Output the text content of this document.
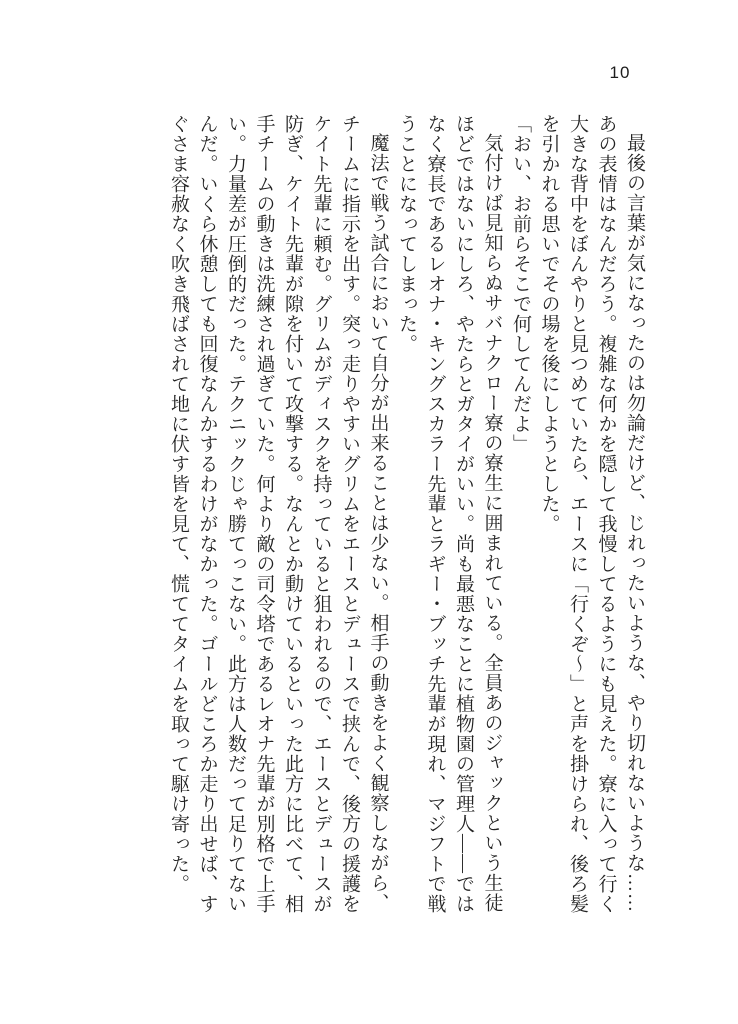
10

最後の言葉が気になったのは勿論だけど、じれったいような、やり切れないような……あの表情はなんだろう。複雑な何かを隠して我慢してるようにも見えた。寮に入って行く大きな背中をぼんやりと見つめていたら、エースに「行くぞ～」と声を掛けられ、後ろ髪を引かれる思いでその場を後にしようとした。

「おい、お前らそこで何してんだよ」

気付けば見知らぬサバナクロー寮の寮生に囲まれている。全員あのジャックという生徒ほどではないにしろ、やたらとガタイがいい。尚も最悪なことに植物園の管理人――ではなく寮長であるレオナ・キングスカラー先輩とラギー・ブッチ先輩が現れ、マジフトで戦うことになってしまった。

魔法で戦う試合において自分が出来ることは少ない。相手の動きをよく観察しながら、チームに指示を出す。突っ走りやすいグリムをエースとデュースで挟んで、後方の援護をケイト先輩に頼む。グリムがディスクを持っていると狙われるので、エースとデュースが防ぎ、ケイト先輩が隙を付いて攻撃する。なんとか動けているといった此方に比べて、相手チームの動きは洗練され過ぎていた。何より敵の司令塔であるレオナ先輩が別格で上手い。力量差が圧倒的だった。テクニックじゃ勝てっこない。此方は人数だって足りてないんだ。いくら休憩しても回復なんかするわけがなかった。ゴールどころか走り出せば、すぐさま容赦なく吹き飛ばされて地に伏す皆を見て、慌ててタイムを取って駆け寄った。
